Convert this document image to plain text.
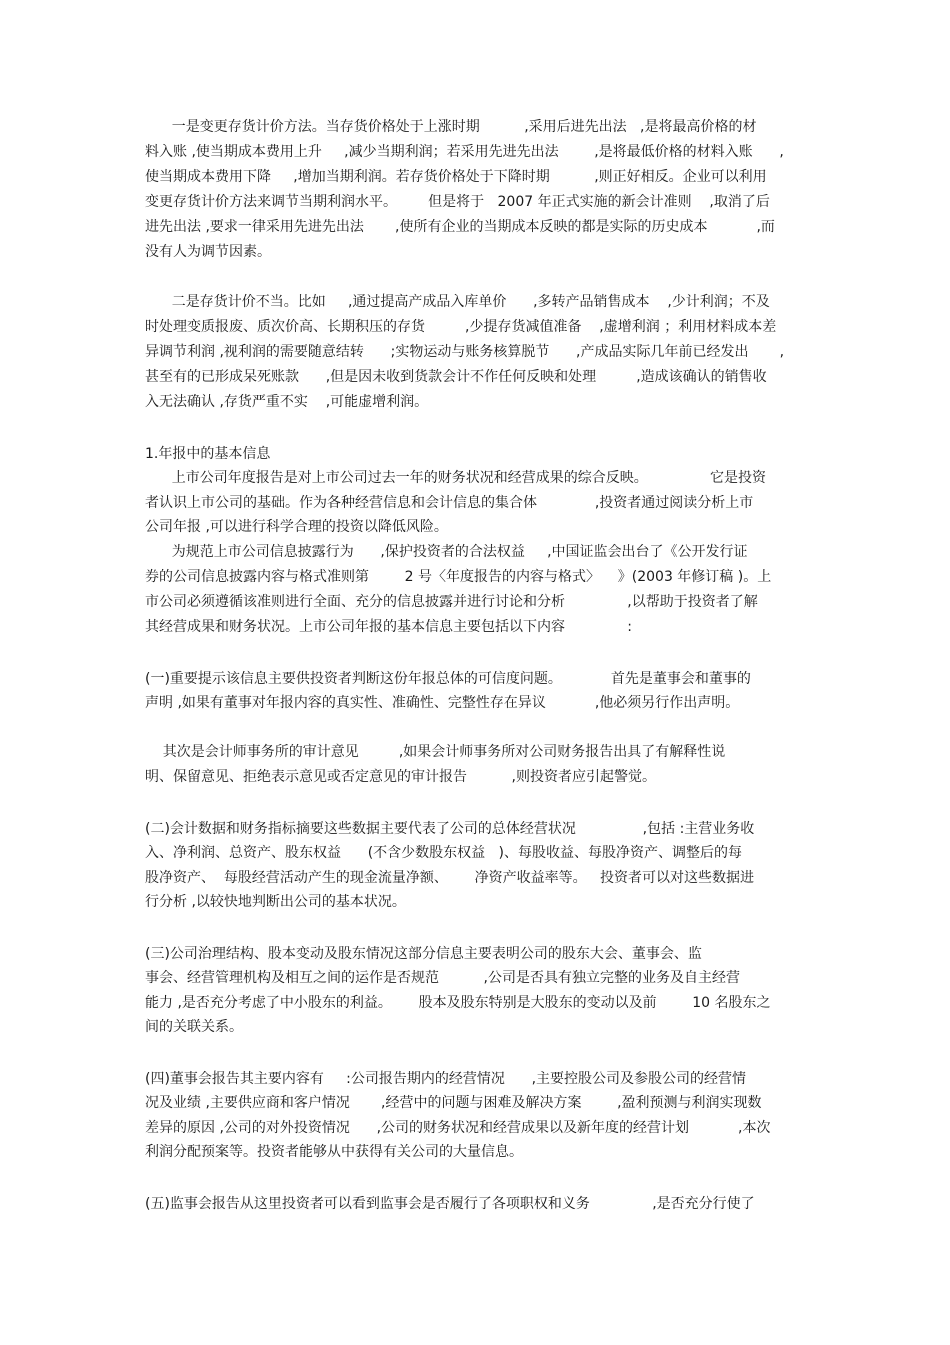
一是变更存货计价方法。当存货价格处于上涨时期          ,采用后进先出法   ,是将最高价格的材
料入账 ,使当期成本费用上升     ,减少当期利润；若采用先进先出法        ,是将最低价格的材料入账      ,
使当期成本费用下降     ,增加当期利润。若存货价格处于下降时期          ,则正好相反。企业可以利用
变更存货计价方法来调节当期利润水平。       但是将于   2007 年正式实施的新会计准则    ,取消了后
进先出法 ,要求一律采用先进先出法       ,使所有企业的当期成本反映的都是实际的历史成本           ,而
没有人为调节因素。
二是存货计价不当。比如     ,通过提高产成品入库单价      ,多转产品销售成本    ,少计利润；不及
时处理变质报废、质次价高、长期积压的存货         ,少提存货减值准备    ,虚增利润 ；利用材料成本差
异调节利润 ,视利润的需要随意结转      ;实物运动与账务核算脱节      ,产成品实际几年前已经发出       ,
甚至有的已形成呆死账款      ,但是因未收到货款会计不作任何反映和处理         ,造成该确认的销售收
入无法确认 ,存货严重不实    ,可能虚增利润。
1.年报中的基本信息
上市公司年度报告是对上市公司过去一年的财务状况和经营成果的综合反映。              它是投资
者认识上市公司的基础。作为各种经营信息和会计信息的集合体             ,投资者通过阅读分析上市
公司年报 ,可以进行科学合理的投资以降低风险。
为规范上市公司信息披露行为      ,保护投资者的合法权益     ,中国证监会出台了《公开发行证
券的公司信息披露内容与格式准则第        2 号〈年度报告的内容与格式〉    》(2003 年修订稿 )。上
市公司必须遵循该准则进行全面、充分的信息披露并进行讨论和分析              ,以帮助于投资者了解
其经营成果和财务状况。上市公司年报的基本信息主要包括以下内容              :
(一)重要提示该信息主要供投资者判断这份年报总体的可信度问题。           首先是董事会和董事的
声明 ,如果有董事对年报内容的真实性、准确性、完整性存在异议           ,他必须另行作出声明。
其次是会计师事务所的审计意见         ,如果会计师事务所对公司财务报告出具了有解释性说
明、保留意见、拒绝表示意见或否定意见的审计报告          ,则投资者应引起警觉。
(二)会计数据和财务指标摘要这些数据主要代表了公司的总体经营状况               ,包括 :主营业务收
入、净利润、总资产、股东权益      (不含少数股东权益   )、每股收益、每股净资产、调整后的每
股净资产、  每股经营活动产生的现金流量净额、      净资产收益率等。   投资者可以对这些数据进
行分析 ,以较快地判断出公司的基本状况。
(三)公司治理结构、股本变动及股东情况这部分信息主要表明公司的股东大会、董事会、监
事会、经营管理机构及相互之间的运作是否规范          ,公司是否具有独立完整的业务及自主经营
能力 ,是否充分考虑了中小股东的利益。      股本及股东特别是大股东的变动以及前        10 名股东之
间的关联关系。
(四)董事会报告其主要内容有     :公司报告期内的经营情况      ,主要控股公司及参股公司的经营情
况及业绩 ,主要供应商和客户情况       ,经营中的问题与困难及解决方案        ,盈利预测与利润实现数
差异的原因 ,公司的对外投资情况      ,公司的财务状况和经营成果以及新年度的经营计划           ,本次
利润分配预案等。投资者能够从中获得有关公司的大量信息。
(五)监事会报告从这里投资者可以看到监事会是否履行了各项职权和义务              ,是否充分行使了
